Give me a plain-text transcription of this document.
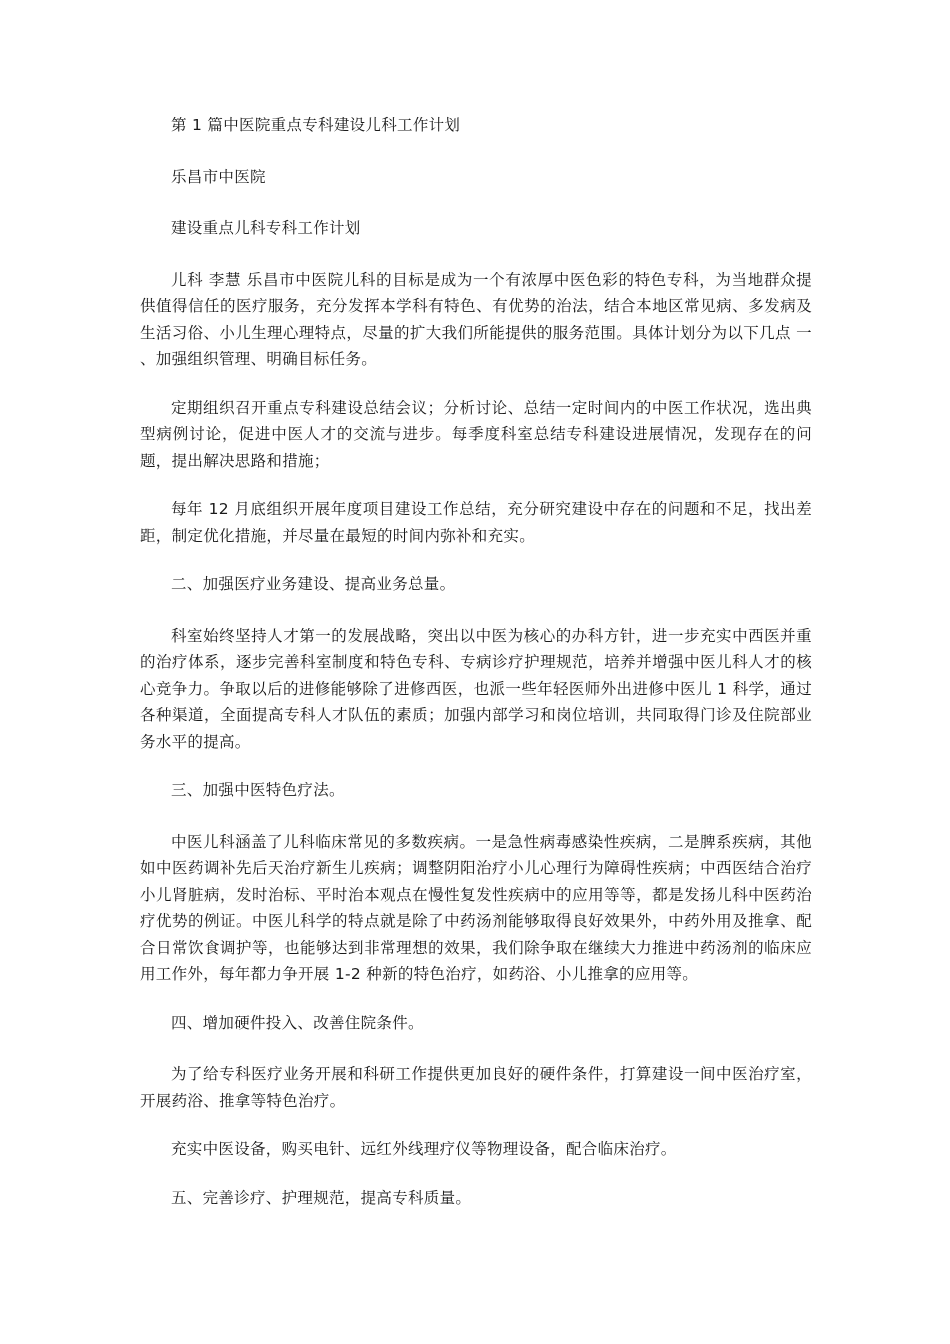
第 1 篇中医院重点专科建设儿科工作计划

乐昌市中医院

建设重点儿科专科工作计划

儿科 李慧 乐昌市中医院儿科的目标是成为一个有浓厚中医色彩的特色专科，为当地群众提供值得信任的医疗服务，充分发挥本学科有特色、有优势的治法，结合本地区常见病、多发病及生活习俗、小儿生理心理特点，尽量的扩大我们所能提供的服务范围。具体计划分为以下几点 一 、加强组织管理、明确目标任务。

定期组织召开重点专科建设总结会议；分析讨论、总结一定时间内的中医工作状况，选出典型病例讨论，促进中医人才的交流与进步。每季度科室总结专科建设进展情况，发现存在的问题，提出解决思路和措施；

每年 12 月底组织开展年度项目建设工作总结，充分研究建设中存在的问题和不足，找出差距，制定优化措施，并尽量在最短的时间内弥补和充实。

二、加强医疗业务建设、提高业务总量。

科室始终坚持人才第一的发展战略，突出以中医为核心的办科方针，进一步充实中西医并重的治疗体系，逐步完善科室制度和特色专科、专病诊疗护理规范，培养并增强中医儿科人才的核心竞争力。争取以后的进修能够除了进修西医，也派一些年轻医师外出进修中医儿 1 科学，通过各种渠道，全面提高专科人才队伍的素质；加强内部学习和岗位培训，共同取得门诊及住院部业务水平的提高。

三、加强中医特色疗法。

中医儿科涵盖了儿科临床常见的多数疾病。一是急性病毒感染性疾病，二是脾系疾病，其他如中医药调补先后天治疗新生儿疾病；调整阴阳治疗小儿心理行为障碍性疾病；中西医结合治疗小儿肾脏病，发时治标、平时治本观点在慢性复发性疾病中的应用等等，都是发扬儿科中医药治疗优势的例证。中医儿科学的特点就是除了中药汤剂能够取得良好效果外，中药外用及推拿、配合日常饮食调护等，也能够达到非常理想的效果，我们除争取在继续大力推进中药汤剂的临床应用工作外，每年都力争开展 1-2 种新的特色治疗，如药浴、小儿推拿的应用等。

四、增加硬件投入、改善住院条件。

为了给专科医疗业务开展和科研工作提供更加良好的硬件条件，打算建设一间中医治疗室，开展药浴、推拿等特色治疗。

充实中医设备，购买电针、远红外线理疗仪等物理设备，配合临床治疗。

五、完善诊疗、护理规范，提高专科质量。
